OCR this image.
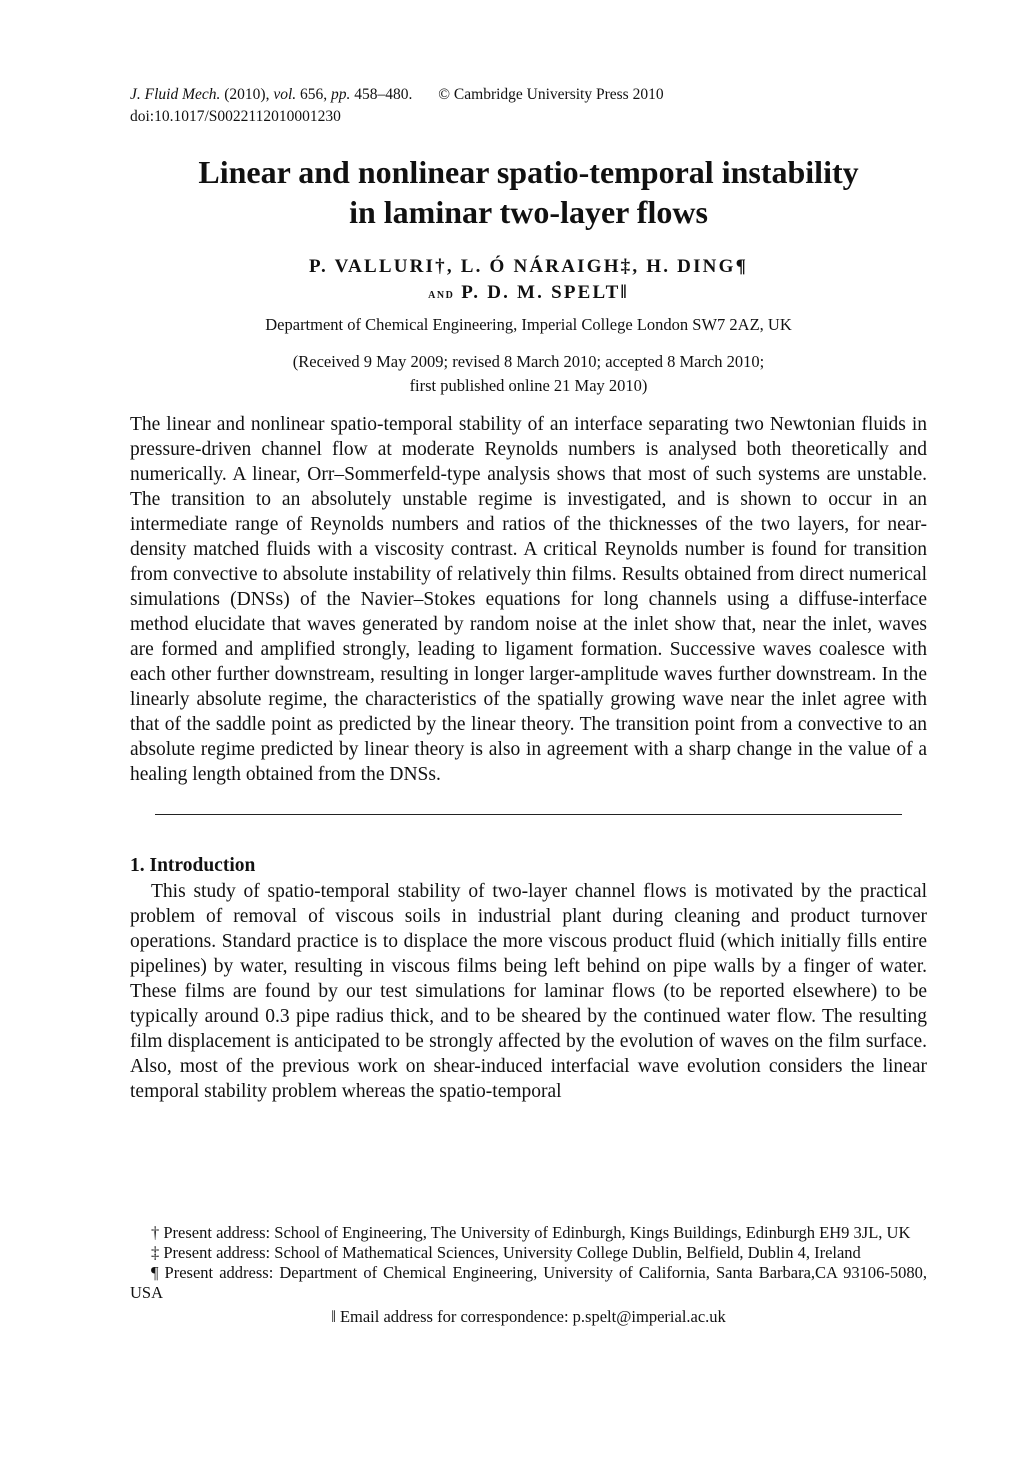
J. Fluid Mech. (2010), vol. 656, pp. 458–480. © Cambridge University Press 2010
doi:10.1017/S0022112010001230
Linear and nonlinear spatio-temporal instability
in laminar two-layer flows
P. VALLURI†, L. Ó NÁRAIGH‡, H. DING¶
and P. D. M. SPELT‖
Department of Chemical Engineering, Imperial College London SW7 2AZ, UK
(Received 9 May 2009; revised 8 March 2010; accepted 8 March 2010;
first published online 21 May 2010)
The linear and nonlinear spatio-temporal stability of an interface separating two Newtonian fluids in pressure-driven channel flow at moderate Reynolds numbers is analysed both theoretically and numerically. A linear, Orr–Sommerfeld-type analysis shows that most of such systems are unstable. The transition to an absolutely unstable regime is investigated, and is shown to occur in an intermediate range of Reynolds numbers and ratios of the thicknesses of the two layers, for near-density matched fluids with a viscosity contrast. A critical Reynolds number is found for transition from convective to absolute instability of relatively thin films. Results obtained from direct numerical simulations (DNSs) of the Navier–Stokes equations for long channels using a diffuse-interface method elucidate that waves generated by random noise at the inlet show that, near the inlet, waves are formed and amplified strongly, leading to ligament formation. Successive waves coalesce with each other further downstream, resulting in longer larger-amplitude waves further downstream. In the linearly absolute regime, the characteristics of the spatially growing wave near the inlet agree with that of the saddle point as predicted by the linear theory. The transition point from a convective to an absolute regime predicted by linear theory is also in agreement with a sharp change in the value of a healing length obtained from the DNSs.
1. Introduction
This study of spatio-temporal stability of two-layer channel flows is motivated by the practical problem of removal of viscous soils in industrial plant during cleaning and product turnover operations. Standard practice is to displace the more viscous product fluid (which initially fills entire pipelines) by water, resulting in viscous films being left behind on pipe walls by a finger of water. These films are found by our test simulations for laminar flows (to be reported elsewhere) to be typically around 0.3 pipe radius thick, and to be sheared by the continued water flow. The resulting film displacement is anticipated to be strongly affected by the evolution of waves on the film surface. Also, most of the previous work on shear-induced interfacial wave evolution considers the linear temporal stability problem whereas the spatio-temporal
† Present address: School of Engineering, The University of Edinburgh, Kings Buildings, Edinburgh EH9 3JL, UK
‡ Present address: School of Mathematical Sciences, University College Dublin, Belfield, Dublin 4, Ireland
¶ Present address: Department of Chemical Engineering, University of California, Santa Barbara,CA 93106-5080, USA
‖ Email address for correspondence: p.spelt@imperial.ac.uk
